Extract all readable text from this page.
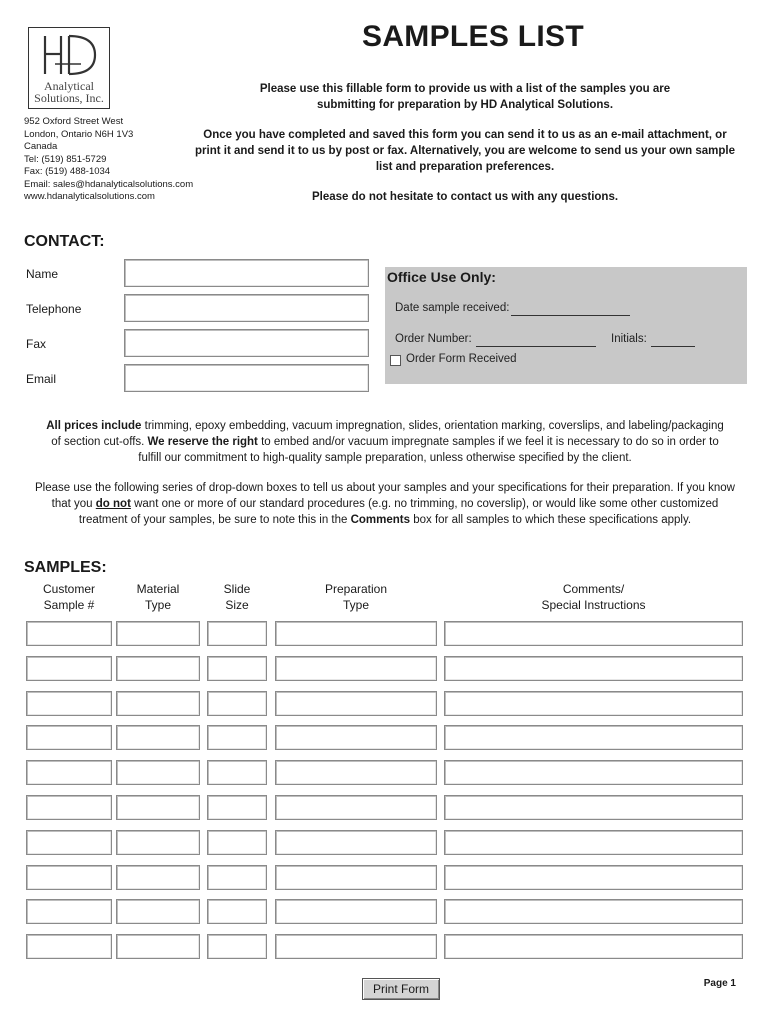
Analytical
Solutions, Inc.
952 Oxford Street West
London, Ontario N6H 1V3
Canada
Tel: (519) 851-5729
Fax: (519) 488-1034
Email: sales@hdanalyticalsolutions.com
www.hdanalyticalsolutions.com
SAMPLES LIST
Please use this fillable form to provide us with a list of the samples you are submitting for preparation by HD Analytical Solutions.
Once you have completed and saved this form you can send it to us as an e-mail attachment, or print it and send it to us by post or fax. Alternatively, you are welcome to send us your own sample list and preparation preferences.
Please do not hesitate to contact us with any questions.
CONTACT:
Name
Telephone
Fax
Email
Office Use Only:
Date sample received:
Order Number:	Initials:
Order Form Received
All prices include trimming, epoxy embedding, vacuum impregnation, slides, orientation marking, coverslips, and labeling/packaging of section cut-offs. We reserve the right to embed and/or vacuum impregnate samples if we feel it is necessary to do so in order to fulfill our commitment to high-quality sample preparation, unless otherwise specified by the client.
Please use the following series of drop-down boxes to tell us about your samples and your specifications for their preparation. If you know that you do not want one or more of our standard procedures (e.g. no trimming, no coverslip), or would like some other customized treatment of your samples, be sure to note this in the Comments box for all samples to which these specifications apply.
SAMPLES:
Customer
Sample #
Material
Type
Slide
Size
Preparation
Type
Comments/
Special Instructions
Print Form	Page 1
